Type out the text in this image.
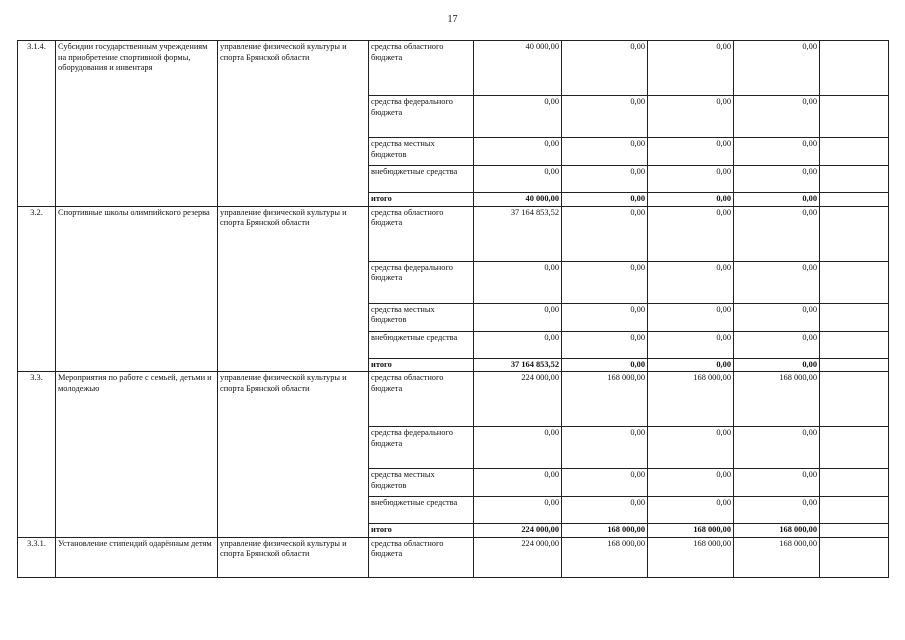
17
3.1.4.	Субсидии государственным учреждениям на приобретение спортивной формы, оборудования и инвентаря	управление физической культуры и спорта Брянской области	средства областного бюджета	40 000,00	0,00	0,00	0,00	
			средства федерального бюджета	0,00	0,00	0,00	0,00	
			средства местных бюджетов	0,00	0,00	0,00	0,00	
			внебюджетные средства	0,00	0,00	0,00	0,00	
			итого	40 000,00	0,00	0,00	0,00	
3.2.	Спортивные школы олимпийского резерва	управление физической культуры и спорта Брянской области	средства областного бюджета	37 164 853,52	0,00	0,00	0,00	
			средства федерального бюджета	0,00	0,00	0,00	0,00	
			средства местных бюджетов	0,00	0,00	0,00	0,00	
			внебюджетные средства	0,00	0,00	0,00	0,00	
			итого	37 164 853,52	0,00	0,00	0,00	
3.3.	Мероприятия по работе с семьей, детьми и молодежью	управление физической культуры и спорта Брянской области	средства областного бюджета	224 000,00	168 000,00	168 000,00	168 000,00	
			средства федерального бюджета	0,00	0,00	0,00	0,00	
			средства местных бюджетов	0,00	0,00	0,00	0,00	
			внебюджетные средства	0,00	0,00	0,00	0,00	
			итого	224 000,00	168 000,00	168 000,00	168 000,00	
3.3.1.	Установление стипендий одарённым детям	управление физической культуры и спорта Брянской области	средства областного бюджета	224 000,00	168 000,00	168 000,00	168 000,00	
